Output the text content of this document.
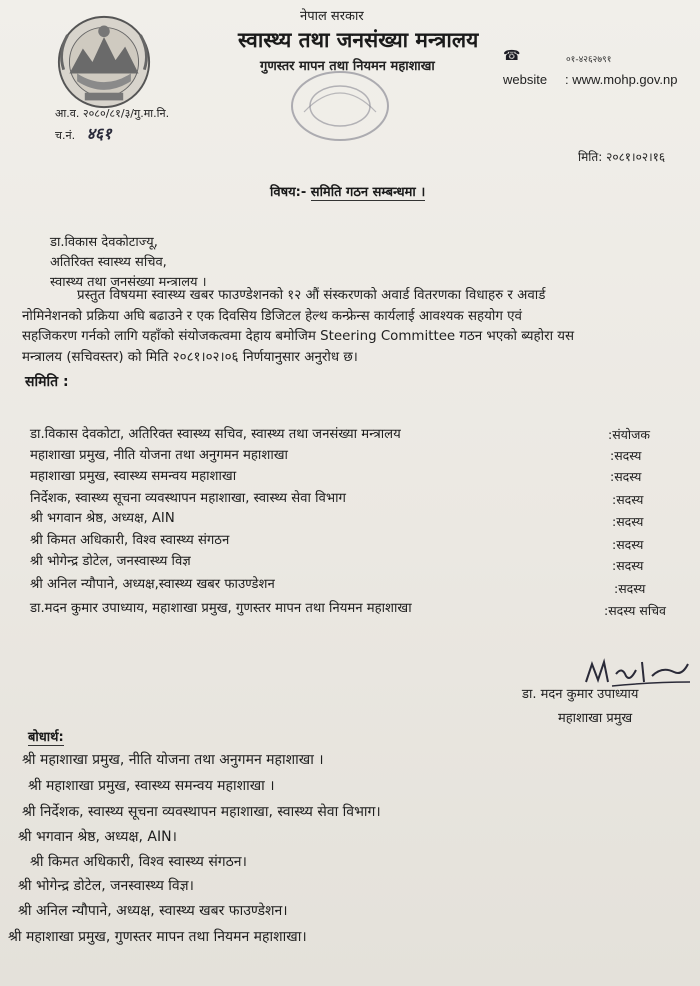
नेपाल सरकार
स्वास्थ्य तथा जनसंख्या मन्त्रालय
गुणस्तर मापन तथा नियमन महाशाखा
☎	०१-४२६२७९१
website : www.mohp.gov.np
आ.व. २०८०/८१/३/गु.मा.नि.
च.नं. ४६१
मिति: २०८१।०२।१६
विषय:- समिति गठन सम्बन्धमा ।
डा.विकास देवकोटाज्यू,
अतिरिक्त स्वास्थ्य सचिव,
स्वास्थ्य तथा जनसंख्या मन्त्रालय ।

प्रस्तुत विषयमा स्वास्थ्य खबर फाउण्डेशनको १२ औं संस्करणको अवार्ड वितरणका विधाहरु र अवार्ड

नोमिनेशनको प्रक्रिया अघि बढाउने र एक दिवसिय डिजिटल हेल्थ कन्फ्रेन्स कार्यलाई आवश्यक सहयोग एवं

सहजिकरण गर्नको लागि यहाँको संयोजकत्वमा देहाय बमोजिम Steering Committee गठन भएको ब्यहोरा यस

मन्त्रालय (सचिवस्तर) को मिति २०८१।०२।०६ निर्णयानुसार अनुरोध छ।

समिति :
डा.विकास देवकोटा, अतिरिक्त स्वास्थ्य सचिव, स्वास्थ्य तथा जनसंख्या मन्त्रालय	:संयोजक
महाशाखा प्रमुख, नीति योजना तथा अनुगमन महाशाखा	:सदस्य
महाशाखा प्रमुख, स्वास्थ्य समन्वय महाशाखा	:सदस्य
निर्देशक, स्वास्थ्य सूचना व्यवस्थापन महाशाखा, स्वास्थ्य सेवा विभाग	:सदस्य
श्री भगवान श्रेष्ठ, अध्यक्ष, AIN	:सदस्य
श्री किमत अधिकारी, विश्व स्वास्थ्य संगठन	:सदस्य
श्री भोगेन्द्र डोटेल, जनस्वास्थ्य विज्ञ	:सदस्य
श्री अनिल न्यौपाने, अध्यक्ष,स्वास्थ्य खबर फाउण्डेशन	:सदस्य
डा.मदन कुमार उपाध्याय, महाशाखा प्रमुख, गुणस्तर मापन तथा नियमन महाशाखा	:सदस्य सचिव
डा. मदन कुमार उपाध्याय
महाशाखा प्रमुख
बोधार्थ:
श्री महाशाखा प्रमुख, नीति योजना तथा अनुगमन महाशाखा ।
श्री महाशाखा प्रमुख, स्वास्थ्य समन्वय महाशाखा ।
श्री निर्देशक, स्वास्थ्य सूचना व्यवस्थापन महाशाखा, स्वास्थ्य सेवा विभाग।
श्री भगवान श्रेष्ठ, अध्यक्ष, AIN।
श्री किमत अधिकारी, विश्व स्वास्थ्य संगठन।
श्री भोगेन्द्र डोटेल, जनस्वास्थ्य विज्ञ।
श्री अनिल न्यौपाने, अध्यक्ष, स्वास्थ्य खबर फाउण्डेशन।
श्री महाशाखा प्रमुख, गुणस्तर मापन तथा नियमन महाशाखा।
